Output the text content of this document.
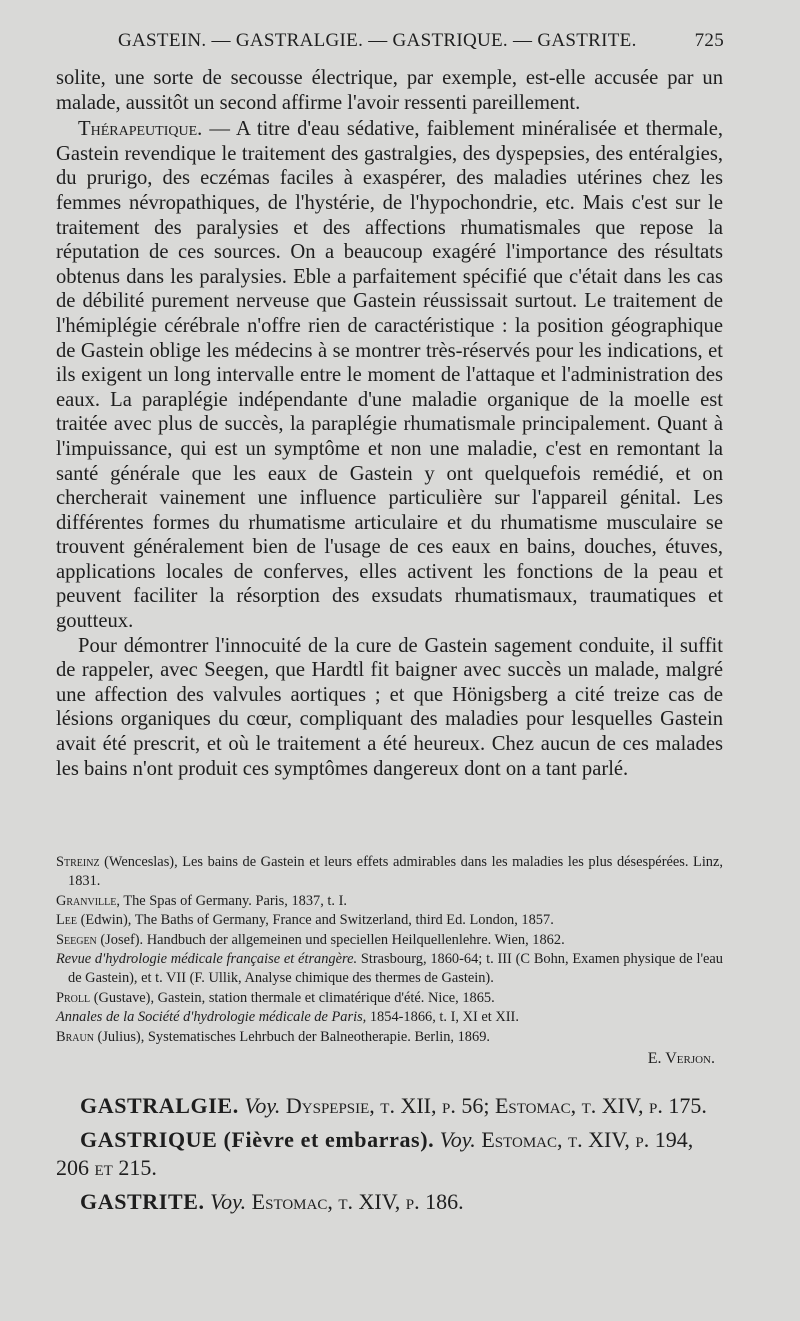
GASTEIN. — GASTRALGIE. — GASTRIQUE. — GASTRITE.	725

solite, une sorte de secousse électrique, par exemple, est-elle accusée par un malade, aussitôt un second affirme l'avoir ressenti pareillement.

Thérapeutique. — A titre d'eau sédative, faiblement minéralisée et thermale, Gastein revendique le traitement des gastralgies, des dyspepsies, des entéralgies, du prurigo, des eczémas faciles à exaspérer, des maladies utérines chez les femmes névropathiques, de l'hystérie, de l'hypochondrie, etc. Mais c'est sur le traitement des paralysies et des affections rhumatismales que repose la réputation de ces sources. On a beaucoup exagéré l'importance des résultats obtenus dans les paralysies. Eble a parfaitement spécifié que c'était dans les cas de débilité purement nerveuse que Gastein réussissait surtout. Le traitement de l'hémiplégie cérébrale n'offre rien de caractéristique : la position géographique de Gastein oblige les médecins à se montrer très-réservés pour les indications, et ils exigent un long intervalle entre le moment de l'attaque et l'administration des eaux. La paraplégie indépendante d'une maladie organique de la moelle est traitée avec plus de succès, la paraplégie rhumatismale principalement. Quant à l'impuissance, qui est un symptôme et non une maladie, c'est en remontant la santé générale que les eaux de Gastein y ont quelquefois remédié, et on chercherait vainement une influence particulière sur l'appareil génital. Les différentes formes du rhumatisme articulaire et du rhumatisme musculaire se trouvent généralement bien de l'usage de ces eaux en bains, douches, étuves, applications locales de conferves, elles activent les fonctions de la peau et peuvent faciliter la résorption des exsudats rhumatismaux, traumatiques et goutteux.

Pour démontrer l'innocuité de la cure de Gastein sagement conduite, il suffit de rappeler, avec Seegen, que Hardtl fit baigner avec succès un malade, malgré une affection des valvules aortiques ; et que Hönigsberg a cité treize cas de lésions organiques du cœur, compliquant des maladies pour lesquelles Gastein avait été prescrit, et où le traitement a été heureux. Chez aucun de ces malades les bains n'ont produit ces symptômes dangereux dont on a tant parlé.

Streinz (Wenceslas), Les bains de Gastein et leurs effets admirables dans les maladies les plus désespérées. Linz, 1831.
Granville, The Spas of Germany. Paris, 1837, t. I.
Lee (Edwin), The Baths of Germany, France and Switzerland, third Ed. London, 1857.
Seegen (Josef). Handbuch der allgemeinen und speciellen Heilquellenlehre. Wien, 1862.
Revue d'hydrologie médicale française et étrangère. Strasbourg, 1860-64; t. III (C Bohn, Examen physique de l'eau de Gastein), et t. VII (F. Ullik, Analyse chimique des thermes de Gastein).
Proll (Gustave), Gastein, station thermale et climatérique d'été. Nice, 1865.
Annales de la Société d'hydrologie médicale de Paris, 1854-1866, t. I, XI et XII.
Braun (Julius), Systematisches Lehrbuch der Balneotherapie. Berlin, 1869.
E. Verjon.
GASTRALGIE. Voy. Dyspepsie, t. XII, p. 56; Estomac, t. XIV, p. 175.
GASTRIQUE (Fièvre et embarras). Voy. Estomac, t. XIV, p. 194, 206 et 215.
GASTRITE. Voy. Estomac, t. XIV, p. 186.
